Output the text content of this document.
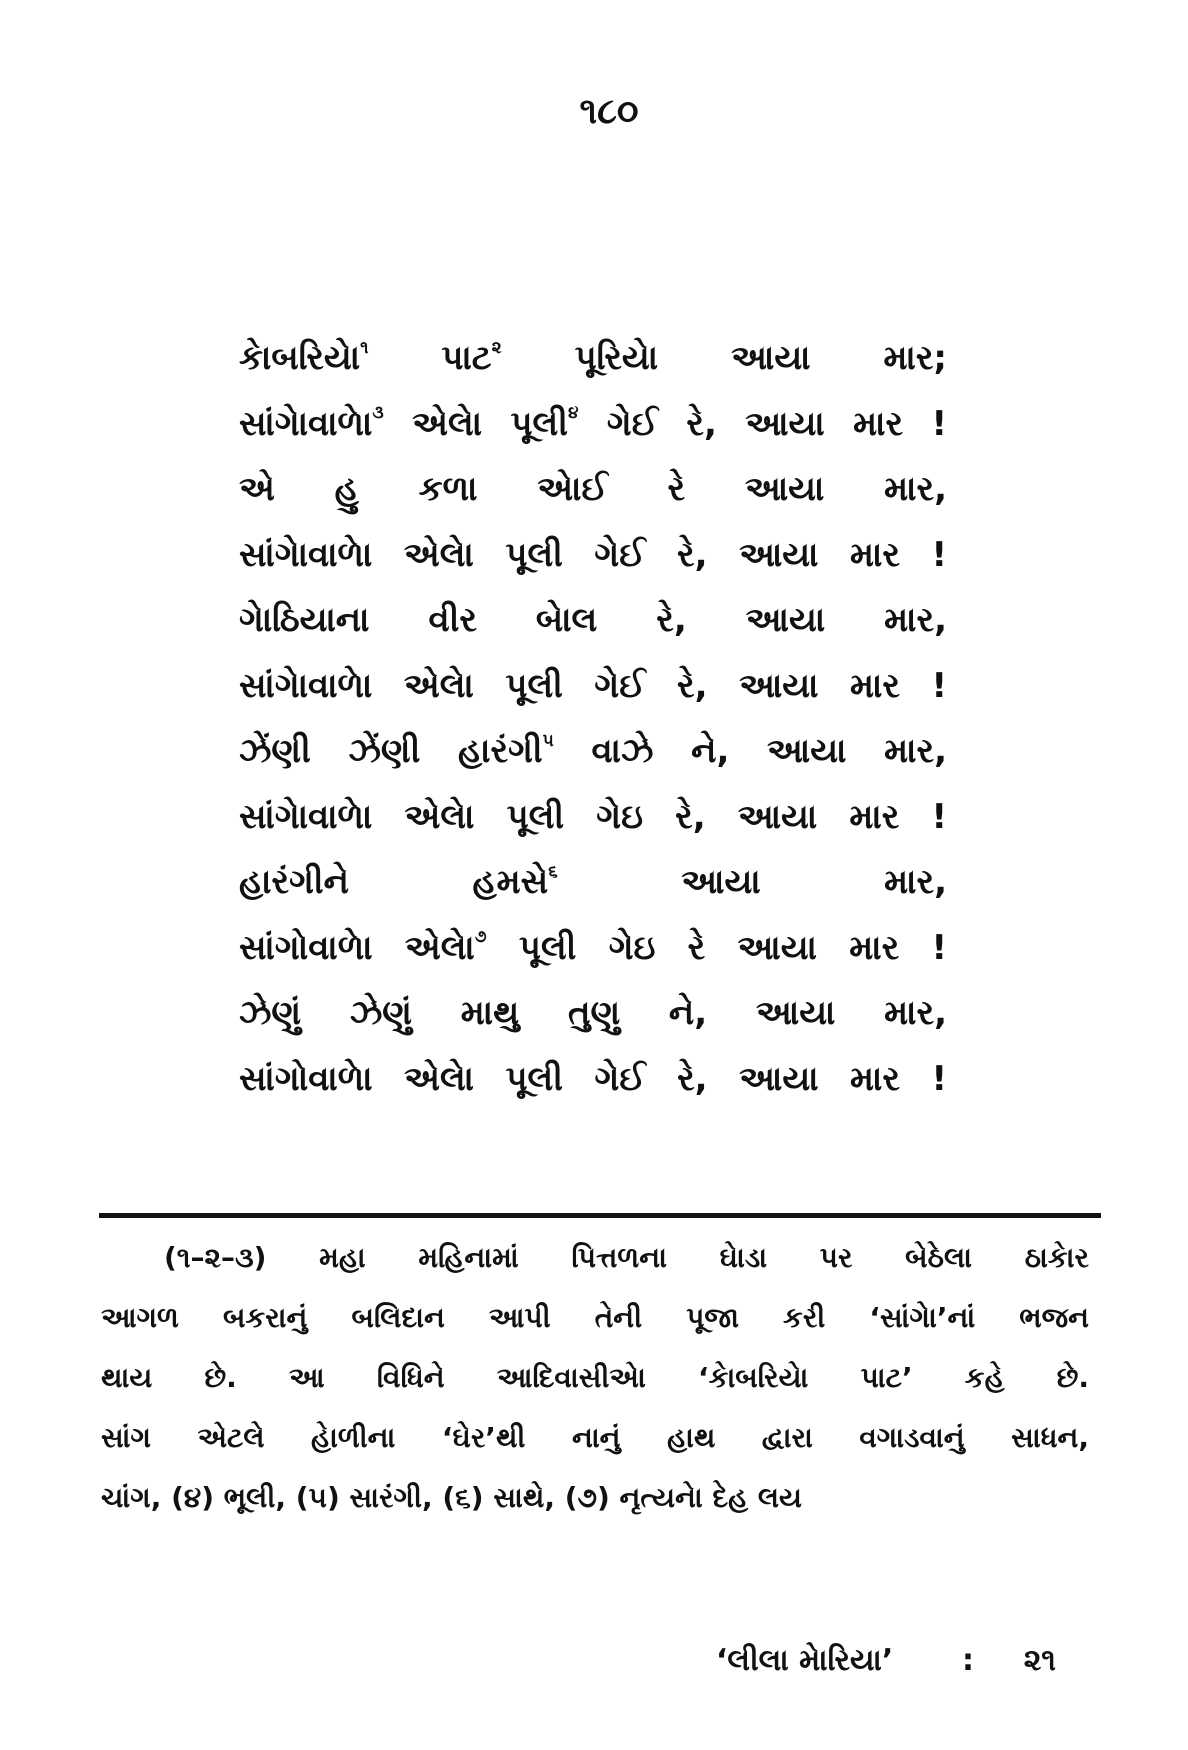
૧૮૦
કેાબરિયેા$^૧$ પાટ$^૨$ પૂરિયેા આયા માર;
સાંગેાવાળેા$^૩$ એલેા પૂલી$^૪$ ગેઈ રે, આયા માર !
એ હુ કળા એાઈ રે આયા માર,
સાંગેાવાળેા એલેા પૂલી ગેઈ રે, આયા માર !
ગેાઠિયાના વીર બેાલ રે, આયા માર,
સાંગેાવાળેા એલેા પૂલી ગેઈ રે, આયા માર !
ઝેંણી ઝેંણી હારંગી$^૫$ વાઝે ને, આયા માર,
સાંગેાવાળેા એલેા પૂલી ગેઇ રે, આયા માર !
હારંગીને હમસે$^૬$ આયા માર,
સાંગોવાળેા એલેા$^૭$ પૂલી ગેઇ રે આયા માર !
ઝેણું ઝેણું માથુ તુણુ ને, આયા માર,
સાંગોવાળેા એલેા પૂલી ગેઈ રે, આયા માર !
(૧–૨–૩) મહા મહિનામાં પિત્તળના ઘેાડા પર બેઠેલા ઠાકેાર
આગળ બકરાનું બલિદાન આપી તેની પૂજા કરી ‘સાંગેા’નાં ભજન
થાય છે. આ વિધિને આદિવાસીએા ‘કેાબરિયેા પાટ’ કહે છે.
સાંગ એટલે હેાળીના ‘ઘેર’થી નાનું હાથ દ્વારા વગાડવાનું સાધન,
ચાંગ, (૪) ભૂલી, (૫) સારંગી, (૬) સાથે, (૭) નૃત્યનેા દેહ લય
‘લીલા મેારિયા’ : ૨૧
